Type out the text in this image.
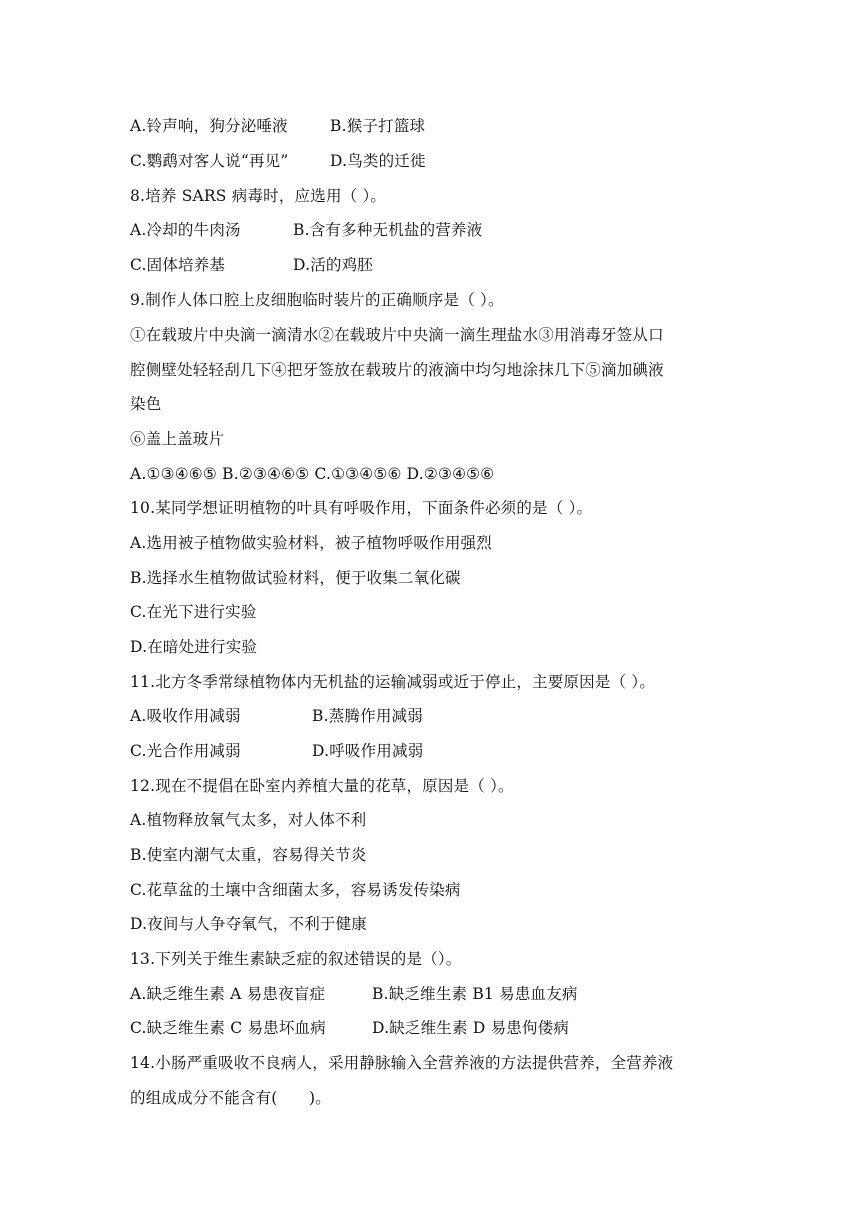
A.铃声响，狗分泌唾液	B.猴子打篮球
C.鹦鹉对客人说“再见”	D.鸟类的迁徙
8.培养 SARS 病毒时，应选用（ ）。
A.冷却的牛肉汤	B.含有多种无机盐的营养液
C.固体培养基	D.活的鸡胚
9.制作人体口腔上皮细胞临时装片的正确顺序是（ ）。
①在载玻片中央滴一滴清水②在载玻片中央滴一滴生理盐水③用消毒牙签从口
腔侧壁处轻轻刮几下④把牙签放在载玻片的液滴中均匀地涂抹几下⑤滴加碘液
染色
⑥盖上盖玻片
A.①③④⑥⑤ B.②③④⑥⑤ C.①③④⑤⑥ D.②③④⑤⑥
10.某同学想证明植物的叶具有呼吸作用，下面条件必须的是（ ）。
A.选用被子植物做实验材料，被子植物呼吸作用强烈
B.选择水生植物做试验材料，便于收集二氧化碳
C.在光下进行实验
D.在暗处进行实验
11.北方冬季常绿植物体内无机盐的运输减弱或近于停止，主要原因是（ ）。
A.吸收作用减弱	B.蒸腾作用减弱
C.光合作用减弱	D.呼吸作用减弱
12.现在不提倡在卧室内养植大量的花草，原因是（ ）。
A.植物释放氧气太多，对人体不利
B.使室内潮气太重，容易得关节炎
C.花草盆的土壤中含细菌太多，容易诱发传染病
D.夜间与人争夺氧气，不利于健康
13.下列关于维生素缺乏症的叙述错误的是（）。
A.缺乏维生素 A 易患夜盲症	B.缺乏维生素 B1 易患血友病
C.缺乏维生素 C 易患坏血病	D.缺乏维生素 D 易患佝偻病
14.小肠严重吸收不良病人，采用静脉输入全营养液的方法提供营养，全营养液
的组成成分不能含有(　　)。
